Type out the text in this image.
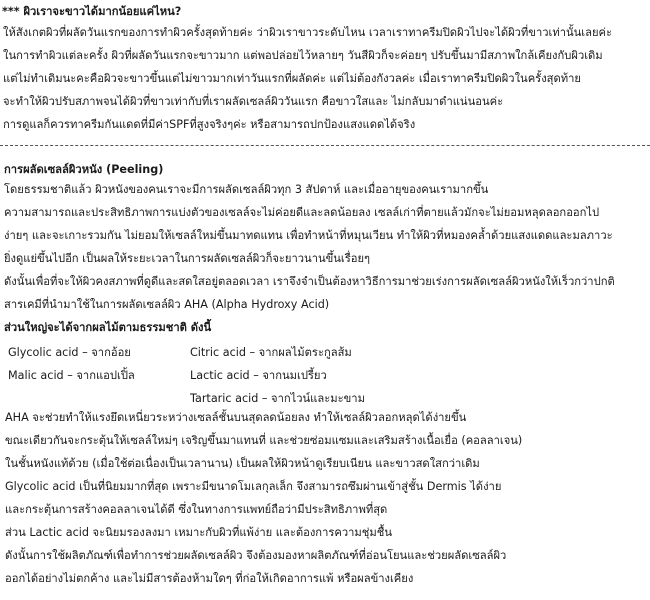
*** ผิวเราจะขาวได้มากน้อยแค่ไหน?
ให้สังเกตผิวที่ผลัดวันแรกของการทำผิวครั้งสุดท้ายค่ะ ว่าผิวเราขาวระดับไหน เวลาเราทาครีมปิดผิวไปจะได้ผิวที่ขาวเท่านั้นเลยค่ะ
ในการทำผิวแต่ละครั้ง ผิวที่ผลัดวันแรกจะขาวมาก แต่พอปล่อยไว้หลายๆ วันสีผิวก็จะค่อยๆ ปรับขึ้นมามีสภาพใกล้เคียงกับผิวเดิม
แต่ไม่ทำเดิมนะคะคือผิวจะขาวขึ้นแต่ไม่ขาวมากเท่าวันแรกที่ผลัดค่ะ แต่ไม่ต้องกังวลค่ะ เมื่อเราทาครีมปิดผิวในครั้งสุดท้าย
จะทำให้ผิวปรับสภาพจนได้ผิวที่ขาวเท่ากับที่เราผลัดเซลล์ผิววันแรก คือขาวใสและ ไม่กลับมาดำแน่นอนค่ะ
การดูแลก็ควรทาครีมกันแดดที่มีค่าSPFที่สูงจริงๆค่ะ หรือสามารถปกป้องแสงแดดได้จริง
การผลัดเซลล์ผิวหนัง (Peeling)
โดยธรรมชาติแล้ว ผิวหนังของคนเราจะมีการผลัดเซลล์ผิวทุก 3 สัปดาห์ และเมื่ออายุของคนเรามากขึ้น
ความสามารถและประสิทธิภาพการแบ่งตัวของเซลล์จะไม่ค่อยดีและลดน้อยลง เซลล์เก่าที่ตายแล้วมักจะไม่ยอมหลุดลอกออกไป
ง่ายๆ และจะเกาะรวมกัน ไม่ยอมให้เซลล์ใหม่ขึ้นมาทดแทน เพื่อทำหน้าที่หมุนเวียน ทำให้ผิวที่หมองคล้ำด้วยแสงแดดและมลภาวะ
ยิ่งดูแย่ขึ้นไปอีก เป็นผลให้ระยะเวลาในการผลัดเซลล์ผิวก็จะยาวนานขึ้นเรื่อยๆ
ดังนั้นเพื่อที่จะให้ผิวคงสภาพที่ดูดีและสดใสอยู่ตลอดเวลา เราจึงจำเป็นต้องหาวิธีการมาช่วยเร่งการผลัดเซลล์ผิวหนังให้เร็วกว่าปกติ
สารเคมีที่นำมาใช้ในการผลัดเซลล์ผิว AHA (Alpha Hydroxy Acid)
ส่วนใหญ่จะได้จากผลไม้ตามธรรมชาติ ดังนี้
Glycolic acid – จากอ้อย
Malic acid – จากแอปเปิ้ล
Citric acid – จากผลไม้ตระกูลส้ม
Lactic acid – จากนมเปรี้ยว
Tartaric acid – จากไวน์และมะขาม
AHA จะช่วยทำให้แรงยึดเหนี่ยวระหว่างเซลล์ชั้นบนสุดลดน้อยลง ทำให้เซลล์ผิวลอกหลุดได้ง่ายขึ้น
ขณะเดียวกันจะกระตุ้นให้เซลล์ใหม่ๆ เจริญขึ้นมาแทนที่ และช่วยซ่อมแซมและเสริมสร้างเนื้อเยื่อ (คอลลาเจน)
ในชั้นหนังแท้ด้วย (เมื่อใช้ต่อเนื่องเป็นเวลานาน) เป็นผลให้ผิวหน้าดูเรียบเนียน และขาวสดใสกว่าเดิม
Glycolic acid เป็นที่นิยมมากที่สุด เพราะมีขนาดโมเลกุลเล็ก จึงสามารถซึมผ่านเข้าสู่ชั้น Dermis ได้ง่าย
และกระตุ้นการสร้างคอลลาเจนได้ดี ซึ่งในทางการแพทย์ถือว่ามีประสิทธิภาพที่สุด
ส่วน Lactic acid จะนิยมรองลงมา เหมาะกับผิวที่แพ้ง่าย และต้องการความชุ่มชื้น
ดังนั้นการใช้ผลิตภัณฑ์เพื่อทำการช่วยผลัดเซลล์ผิว จึงต้องมองหาผลิตภัณฑ์ที่อ่อนโยนและช่วยผลัดเซลล์ผิว
ออกได้อย่างไม่ตกค้าง และไม่มีสารต้องห้ามใดๆ ที่ก่อให้เกิดอาการแพ้ หรือผลข้างเคียง
